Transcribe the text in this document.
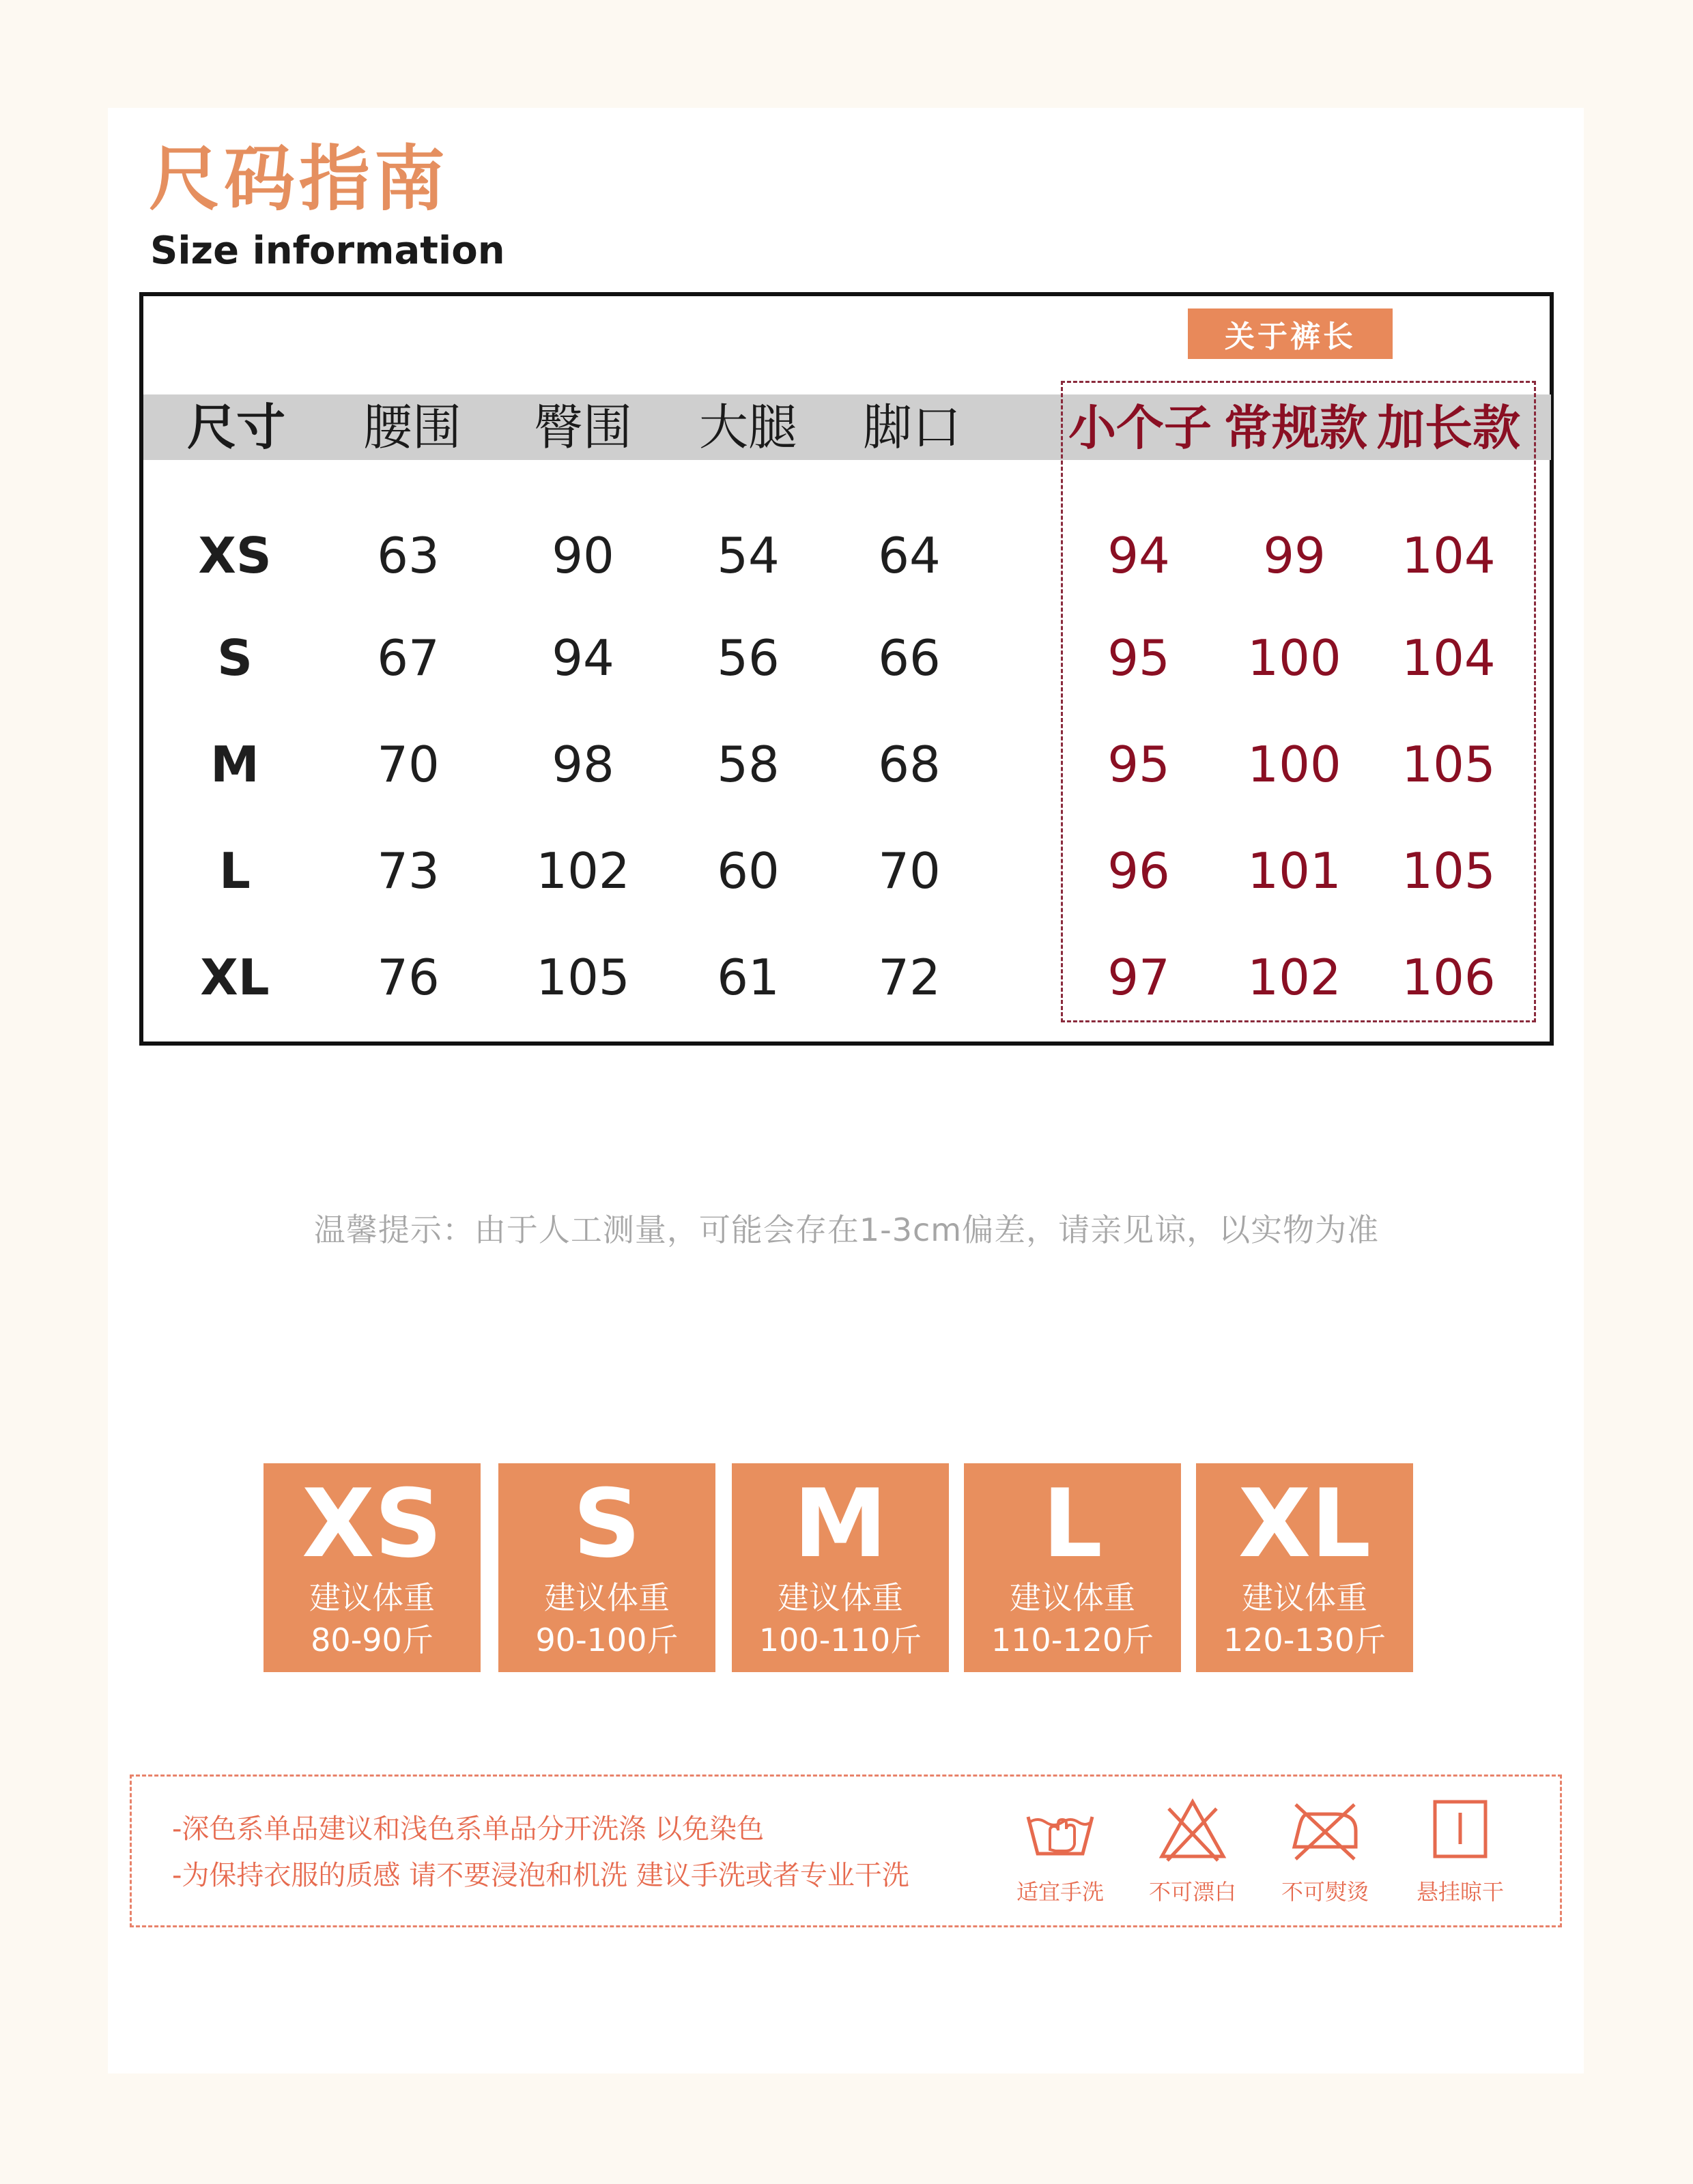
尺码指南
Size information
关于裤长
尺寸	腰围	臀围	大腿	脚口	小个子 常规款 加长款
XS	63	90	54	64	94	99	104
S	67	94	56	66	95	100	104
M	70	98	58	68	95	100	105
L	73	102	60	70	96	101	105
XL	76	105	61	72	97	102	106
温馨提示：由于人工测量，可能会存在1-3cm偏差，请亲见谅，以实物为准
XS
建议体重
80-90斤
S
建议体重
90-100斤
M
建议体重
100-110斤
L
建议体重
110-120斤
XL
建议体重
120-130斤
-深色系单品建议和浅色系单品分开洗涤 以免染色
-为保持衣服的质感 请不要浸泡和机洗 建议手洗或者专业干洗
适宜手洗	不可漂白	不可熨烫	悬挂晾干
